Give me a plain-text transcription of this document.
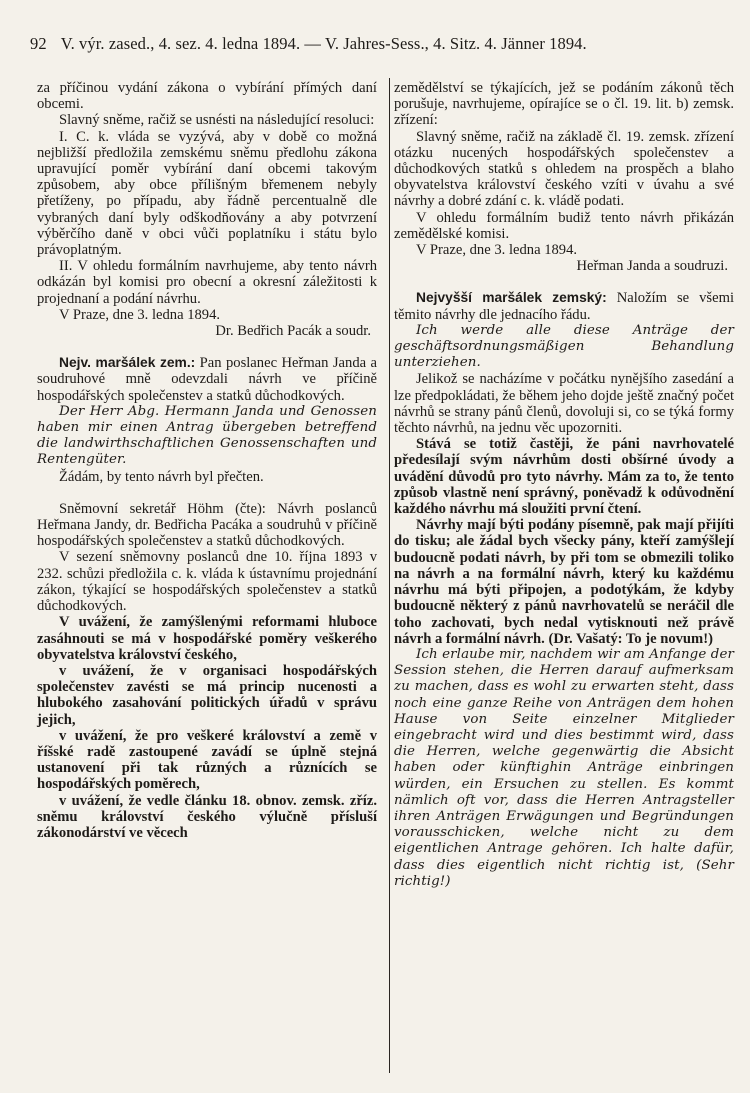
92 V. výr. zased., 4. sez. 4. ledna 1894. — V. Jahres-Sess., 4. Sitz. 4. Jänner 1894.

za příčinou vydání zákona o vybírání přímých daní obcemi.

Slavný sněme, račiž se usnésti na následující resoluci:

I. C. k. vláda se vyzývá, aby v době co možná nejbližší předložila zemskému sněmu předlohu zákona upravující poměr vybírání daní obcemi takovým způsobem, aby obce přílišným břemenem nebyly přetíženy, po případu, aby řádně percentualně dle vybraných daní byly odškodňovány a aby potvrzení výběrčího daně v obci vůči poplatníku i státu bylo právoplatným.

II. V ohledu formálním navrhujeme, aby tento návrh odkázán byl komisi pro obecní a okresní záležitosti k projednaní a podání návrhu.

V Praze, dne 3. ledna 1894.

Dr. Bedřich Pacák a soudr.

Nejv. maršálek zem.: Pan poslanec Heřman Janda a soudruhové mně odevzdali návrh ve příčině hospodářských společenstev a statků důchodkových.

Der Herr Abg. Hermann Janda und Genossen haben mir einen Antrag übergeben betreffend die landwirthschaftlichen Genossenschaften und Rentengüter.

Žádám, by tento návrh byl přečten.

Sněmovní sekretář Höhm (čte): Návrh poslanců Heřmana Jandy, dr. Bedřicha Pacáka a soudruhů v příčině hospodářských společenstev a statků důchodkových.

V sezení sněmovny poslanců dne 10. října 1893 v 232. schůzi předložila c. k. vláda k ústavnímu projednání zákon, týkající se hospodářských společenstev a statků důchodkových.

V uvážení, že zamýšlenými reformami hluboce zasáhnouti se má v hospodářské poměry veškerého obyvatelstva království českého,

v uvážení, že v organisaci hospodářských společenstev zavésti se má princip nucenosti a hlubokého zasahování politických úřadů v správu jejich,

v uvážení, že pro veškeré království a země v říšské radě zastoupené zavádí se úplně stejná ustanovení při tak různých a různících se hospodářských poměrech,

v uvážení, že vedle článku 18. obnov. zemsk. zříz. sněmu království českého výlučně přísluší zákonodárství ve věcech

zemědělství se týkajících, jež se podáním zákonů těch porušuje, navrhujeme, opírajíce se o čl. 19. lit. b) zemsk. zřízení:

Slavný sněme, račiž na základě čl. 19. zemsk. zřízení otázku nucených hospodářských společenstev a důchodkových statků s ohledem na prospěch a blaho obyvatelstva království českého vzíti v úvahu a své návrhy a dobré zdání c. k. vládě podati.

V ohledu formálním budiž tento návrh přikázán zemědělské komisi.

V Praze, dne 3. ledna 1894.

Heřman Janda a soudruzi.

Nejvyšší maršálek zemský: Naložím se všemi těmito návrhy dle jednacího řádu.

Ich werde alle diese Anträge der geschäftsordnungsmäßigen Behandlung unterziehen.

Jelikož se nacházíme v počátku nynějšího zasedání a lze předpokládati, že během jeho dojde ještě značný počet návrhů se strany pánů členů, dovoluji si, co se týká formy těchto návrhů, na jednu věc upozorniti.

Stává se totiž častěji, že páni navrhovatelé předesílají svým návrhům dosti obšírné úvody a uvádění důvodů pro tyto návrhy. Mám za to, že tento způsob vlastně není správný, poněvadž k odůvodnění každého návrhu má sloužiti první čtení.

Návrhy mají býti podány písemně, pak mají přijíti do tisku; ale žádal bych všecky pány, kteří zamýšlejí budoucně podati návrh, by při tom se obmezili toliko na návrh a na formální návrh, který ku každému návrhu má býti připojen, a podotýkám, že kdyby budoucně některý z pánů navrhovatelů se neráčil dle toho zachovati, bych nedal vytisknouti než právě návrh a formální návrh. (Dr. Vašatý: To je novum!)

Ich erlaube mir, nachdem wir am Anfange der Session stehen, die Herren darauf aufmerksam zu machen, dass es wohl zu erwarten steht, dass noch eine ganze Reihe von Anträgen dem hohen Hause von Seite einzelner Mitglieder eingebracht wird und dies bestimmt wird, dass die Herren, welche gegenwärtig die Absicht haben oder künftighin Anträge einbringen würden, ein Ersuchen zu stellen. Es kommt nämlich oft vor, dass die Herren Antragsteller ihren Anträgen Erwägungen und Begründungen vorausschicken, welche nicht zu dem eigentlichen Antrage gehören. Ich halte dafür, dass dies eigentlich nicht richtig ist, (Sehr richtig!)
